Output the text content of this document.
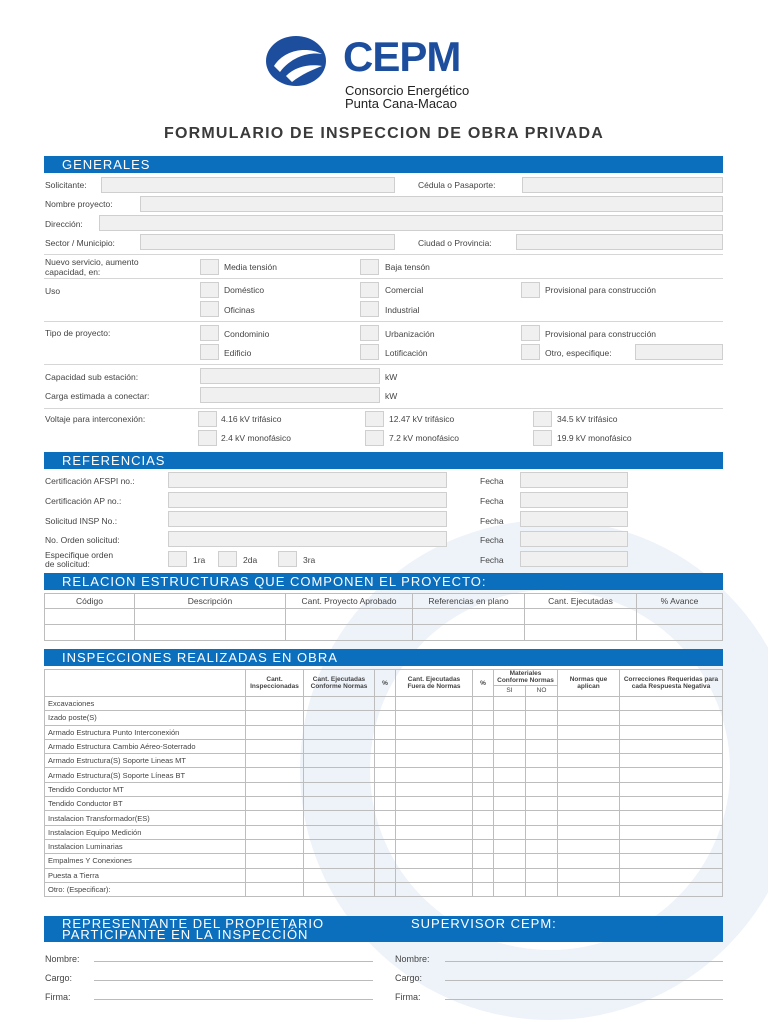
CEPM
Consorcio Energético
Punta Cana-Macao
FORMULARIO DE INSPECCION DE OBRA PRIVADA
GENERALES
Solicitante:	Cédula o Pasaporte:
Nombre proyecto:
Dirección:
Sector / Municipio:	Ciudad o Provincia:
Nuevo servicio, aumento
capacidad, en:	Media tensión	Baja tensón
Uso	Doméstico	Comercial	Provisional para construcción
Oficinas	Industrial
Tipo de proyecto:	Condominio	Urbanización	Provisional para construcción
Edificio	Lotificación	Otro, especifique:
Capacidad sub estación:	kW
Carga estimada a conectar:	kW
Voltaje para interconexión:	4.16 kV trifásico	12.47 kV trifásico	34.5 kV trifásico
2.4 kV monofásico	7.2 kV monofásico	19.9 kV monofásico
REFERENCIAS
Certificación AFSPI no.:	Fecha
Certificación AP no.:	Fecha
Solicitud INSP No.:	Fecha
No. Orden solicitud:	Fecha
Especifique orden
de solicitud:	1ra	2da	3ra	Fecha
RELACION ESTRUCTURAS QUE COMPONEN EL PROYECTO:
Código	Descripción	Cant. Proyecto Aprobado	Referencias en plano	Cant. Ejecutadas	% Avance

INSPECCIONES REALIZADAS EN OBRA
	Cant. Inspeccionadas	Cant. Ejecutadas Conforme Normas	%	Cant. Ejecutadas Fuera de Normas	%	Materiales Conforme Normas		Normas que aplican	Correcciones Requeridas para cada Respuesta Negativa
						SI	NO		
Excavaciones									
Izado poste(S)									
Armado Estructura Punto Interconexión									
Armado Estructura Cambio Aéreo-Soterrado									
Armado Estructura(S) Soporte Lineas MT									
Armado Estructura(S) Soporte Líneas BT									
Tendido Conductor MT									
Tendido Conductor BT									
Instalacion Transformador(ES)									
Instalacion Equipo Medición									
Instalacion Luminarias									
Empalmes Y Conexiones									
Puesta a Tierra									
Otro: (Especificar):									
REPRESENTANTE DEL PROPIETARIO
PARTICIPANTE EN LA INSPECCIÓN
SUPERVISOR CEPM:
Nombre:
Cargo:
Firma:
Nombre:
Cargo:
Firma:
